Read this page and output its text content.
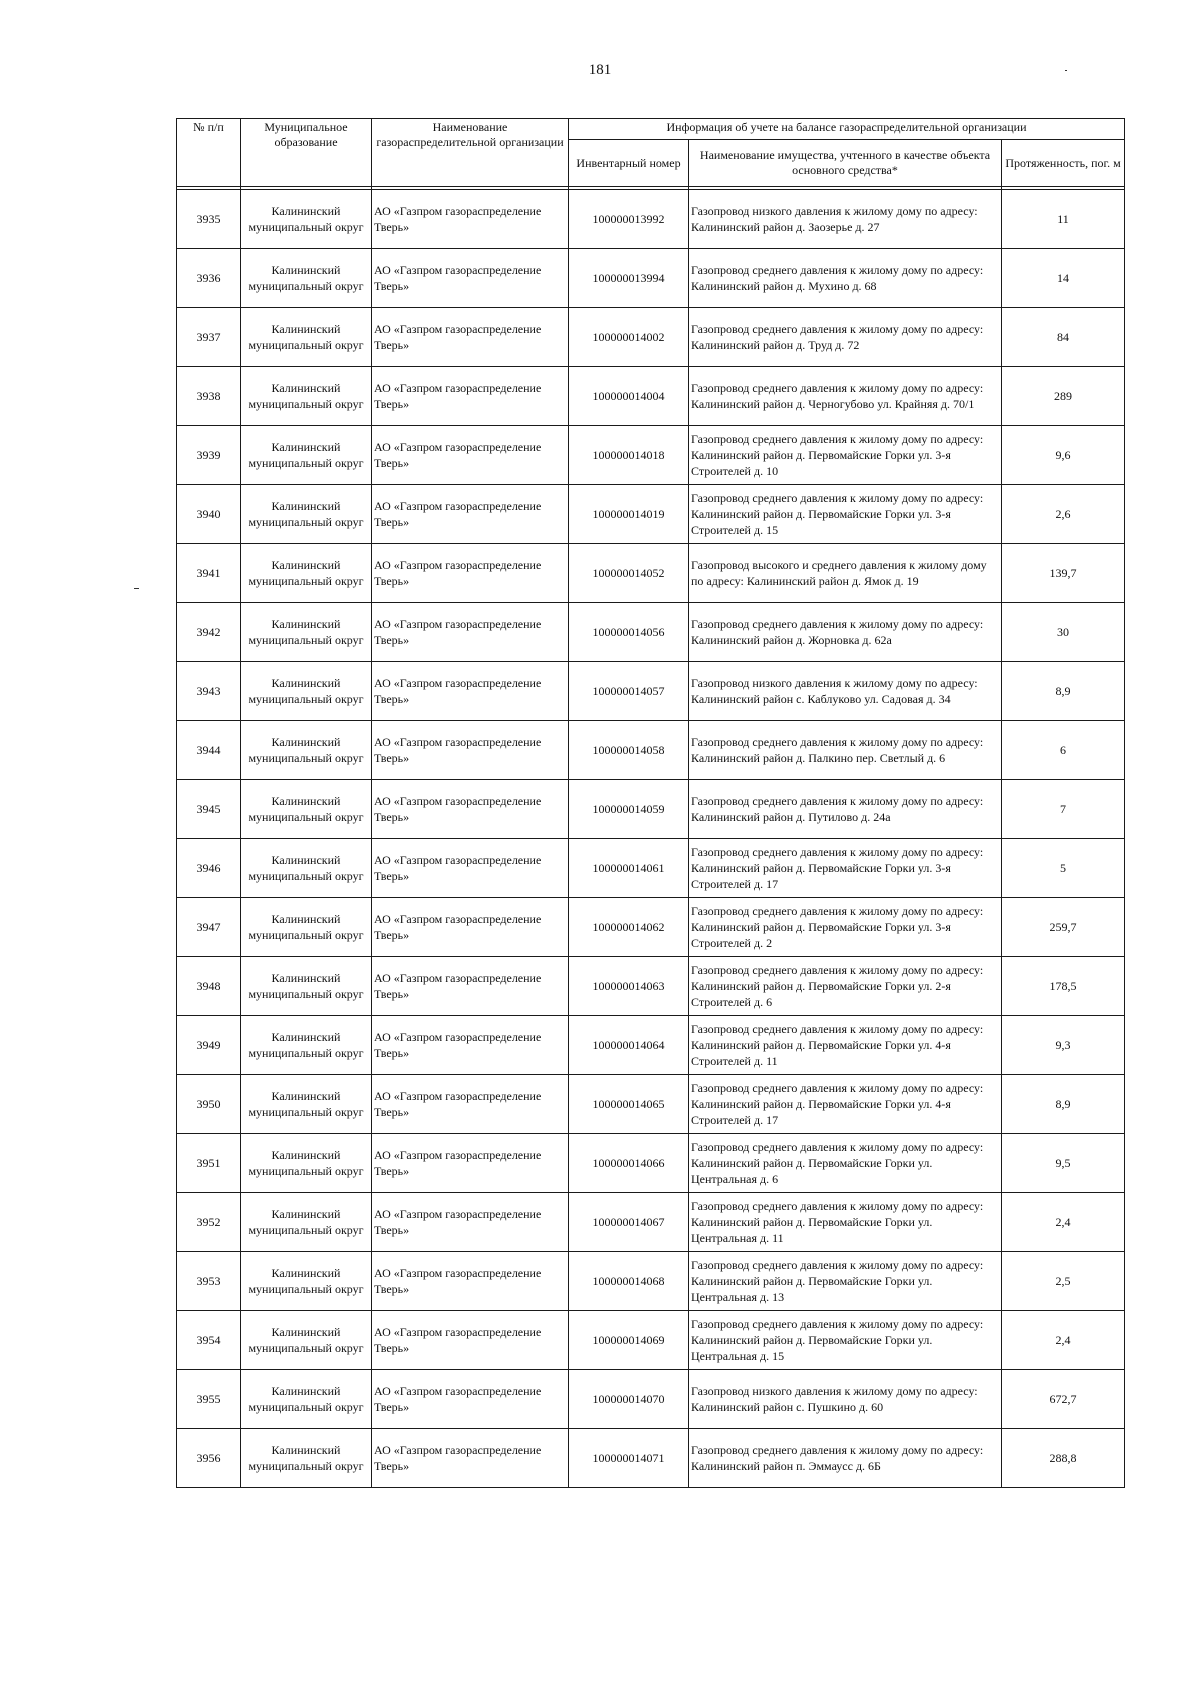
181
№ п/п	Муниципальное образование	Наименование газораспределительной организации	Информация об учете на балансе газораспределительной организации		
			Инвентарный номер	Наименование имущества, учтенного в качестве объекта основного средства*	Протяженность, пог. м

3935	Калининский муниципальный округ	АО «Газпром газораспределение Тверь»	100000013992	Газопровод низкого давления к жилому дому по адресу: Калининский район д. Заозерье д. 27	11
3936	Калининский муниципальный округ	АО «Газпром газораспределение Тверь»	100000013994	Газопровод среднего давления к жилому дому по адресу: Калининский район д. Мухино д. 68	14
3937	Калининский муниципальный округ	АО «Газпром газораспределение Тверь»	100000014002	Газопровод среднего давления к жилому дому по адресу: Калининский район д. Труд д. 72	84
3938	Калининский муниципальный округ	АО «Газпром газораспределение Тверь»	100000014004	Газопровод среднего давления к жилому дому по адресу: Калининский район д. Черногубово ул. Крайняя д. 70/1	289
3939	Калининский муниципальный округ	АО «Газпром газораспределение Тверь»	100000014018	Газопровод среднего давления к жилому дому по адресу: Калининский район д. Первомайские Горки ул. 3-я Строителей д. 10	9,6
3940	Калининский муниципальный округ	АО «Газпром газораспределение Тверь»	100000014019	Газопровод среднего давления к жилому дому по адресу: Калининский район д. Первомайские Горки ул. 3-я Строителей д. 15	2,6
3941	Калининский муниципальный округ	АО «Газпром газораспределение Тверь»	100000014052	Газопровод высокого и среднего давления к жилому дому по адресу: Калининский район д. Ямок д. 19	139,7
3942	Калининский муниципальный округ	АО «Газпром газораспределение Тверь»	100000014056	Газопровод среднего давления к жилому дому по адресу: Калининский район д. Жорновка д. 62а	30
3943	Калининский муниципальный округ	АО «Газпром газораспределение Тверь»	100000014057	Газопровод низкого давления к жилому дому по адресу: Калининский район с. Каблуково ул. Садовая д. 34	8,9
3944	Калининский муниципальный округ	АО «Газпром газораспределение Тверь»	100000014058	Газопровод среднего давления к жилому дому по адресу: Калининский район д. Палкино пер. Светлый д. 6	6
3945	Калининский муниципальный округ	АО «Газпром газораспределение Тверь»	100000014059	Газопровод среднего давления к жилому дому по адресу: Калининский район д. Путилово д. 24а	7
3946	Калининский муниципальный округ	АО «Газпром газораспределение Тверь»	100000014061	Газопровод среднего давления к жилому дому по адресу: Калининский район д. Первомайские Горки ул. 3-я Строителей д. 17	5
3947	Калининский муниципальный округ	АО «Газпром газораспределение Тверь»	100000014062	Газопровод среднего давления к жилому дому по адресу: Калининский район д. Первомайские Горки ул. 3-я Строителей д. 2	259,7
3948	Калининский муниципальный округ	АО «Газпром газораспределение Тверь»	100000014063	Газопровод среднего давления к жилому дому по адресу: Калининский район д. Первомайские Горки ул. 2-я Строителей д. 6	178,5
3949	Калининский муниципальный округ	АО «Газпром газораспределение Тверь»	100000014064	Газопровод среднего давления к жилому дому по адресу: Калининский район д. Первомайские Горки ул. 4-я Строителей д. 11	9,3
3950	Калининский муниципальный округ	АО «Газпром газораспределение Тверь»	100000014065	Газопровод среднего давления к жилому дому по адресу: Калининский район д. Первомайские Горки ул. 4-я Строителей д. 17	8,9
3951	Калининский муниципальный округ	АО «Газпром газораспределение Тверь»	100000014066	Газопровод среднего давления к жилому дому по адресу: Калининский район д. Первомайские Горки ул. Центральная д. 6	9,5
3952	Калининский муниципальный округ	АО «Газпром газораспределение Тверь»	100000014067	Газопровод среднего давления к жилому дому по адресу: Калининский район д. Первомайские Горки ул. Центральная д. 11	2,4
3953	Калининский муниципальный округ	АО «Газпром газораспределение Тверь»	100000014068	Газопровод среднего давления к жилому дому по адресу: Калининский район д. Первомайские Горки ул. Центральная д. 13	2,5
3954	Калининский муниципальный округ	АО «Газпром газораспределение Тверь»	100000014069	Газопровод среднего давления к жилому дому по адресу: Калининский район д. Первомайские Горки ул. Центральная д. 15	2,4
3955	Калининский муниципальный округ	АО «Газпром газораспределение Тверь»	100000014070	Газопровод низкого давления к жилому дому по адресу: Калининский район с. Пушкино д. 60	672,7
3956	Калининский муниципальный округ	АО «Газпром газораспределение Тверь»	100000014071	Газопровод среднего давления к жилому дому по адресу: Калининский район п. Эммаусс д. 6Б	288,8
